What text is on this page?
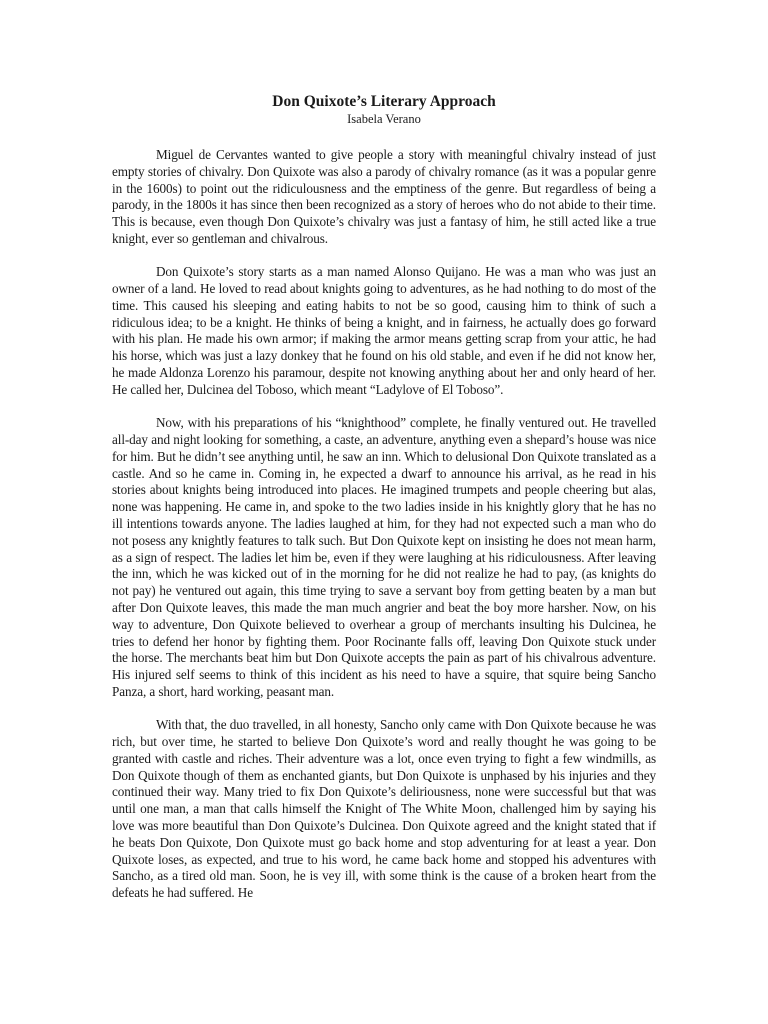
Don Quixote’s Literary Approach

Isabela Verano

Miguel de Cervantes wanted to give people a story with meaningful chivalry instead of just empty stories of chivalry. Don Quixote was also a parody of chivalry romance (as it was a popular genre in the 1600s) to point out the ridiculousness and the emptiness of the genre. But regardless of being a parody, in the 1800s it has since then been recognized as a story of heroes who do not abide to their time. This is because, even though Don Quixote’s chivalry was just a fantasy of him, he still acted like a true knight, ever so gentleman and chivalrous.

Don Quixote’s story starts as a man named Alonso Quijano. He was a man who was just an owner of a land. He loved to read about knights going to adventures, as he had nothing to do most of the time. This caused his sleeping and eating habits to not be so good, causing him to think of such a ridiculous idea; to be a knight. He thinks of being a knight, and in fairness, he actually does go forward with his plan. He made his own armor; if making the armor means getting scrap from your attic, he had his horse, which was just a lazy donkey that he found on his old stable, and even if he did not know her, he made Aldonza Lorenzo his paramour, despite not knowing anything about her and only heard of her. He called her, Dulcinea del Toboso, which meant “Ladylove of El Toboso”.

Now, with his preparations of his “knighthood” complete, he finally ventured out. He travelled all-day and night looking for something, a caste, an adventure, anything even a shepard’s house was nice for him. But he didn’t see anything until, he saw an inn. Which to delusional Don Quixote translated as a castle. And so he came in. Coming in, he expected a dwarf to announce his arrival, as he read in his stories about knights being introduced into places. He imagined trumpets and people cheering but alas, none was happening. He came in, and spoke to the two ladies inside in his knightly glory that he has no ill intentions towards anyone. The ladies laughed at him, for they had not expected such a man who do not posess any knightly features to talk such. But Don Quixote kept on insisting he does not mean harm, as a sign of respect. The ladies let him be, even if they were laughing at his ridiculousness. After leaving the inn, which he was kicked out of in the morning for he did not realize he had to pay, (as knights do not pay) he ventured out again, this time trying to save a servant boy from getting beaten by a man but after Don Quixote leaves, this made the man much angrier and beat the boy more harsher. Now, on his way to adventure, Don Quixote believed to overhear a group of merchants insulting his Dulcinea, he tries to defend her honor by fighting them. Poor Rocinante falls off, leaving Don Quixote stuck under the horse. The merchants beat him but Don Quixote accepts the pain as part of his chivalrous adventure. His injured self seems to think of this incident as his need to have a squire, that squire being Sancho Panza, a short, hard working, peasant man.

With that, the duo travelled, in all honesty, Sancho only came with Don Quixote because he was rich, but over time, he started to believe Don Quixote’s word and really thought he was going to be granted with castle and riches. Their adventure was a lot, once even trying to fight a few windmills, as Don Quixote though of them as enchanted giants, but Don Quixote is unphased by his injuries and they continued their way. Many tried to fix Don Quixote’s deliriousness, none were successful but that was until one man, a man that calls himself the Knight of The White Moon, challenged him by saying his love was more beautiful than Don Quixote’s Dulcinea. Don Quixote agreed and the knight stated that if he beats Don Quixote, Don Quixote must go back home and stop adventuring for at least a year. Don Quixote loses, as expected, and true to his word, he came back home and stopped his adventures with Sancho, as a tired old man. Soon, he is vey ill, with some think is the cause of a broken heart from the defeats he had suffered. He
